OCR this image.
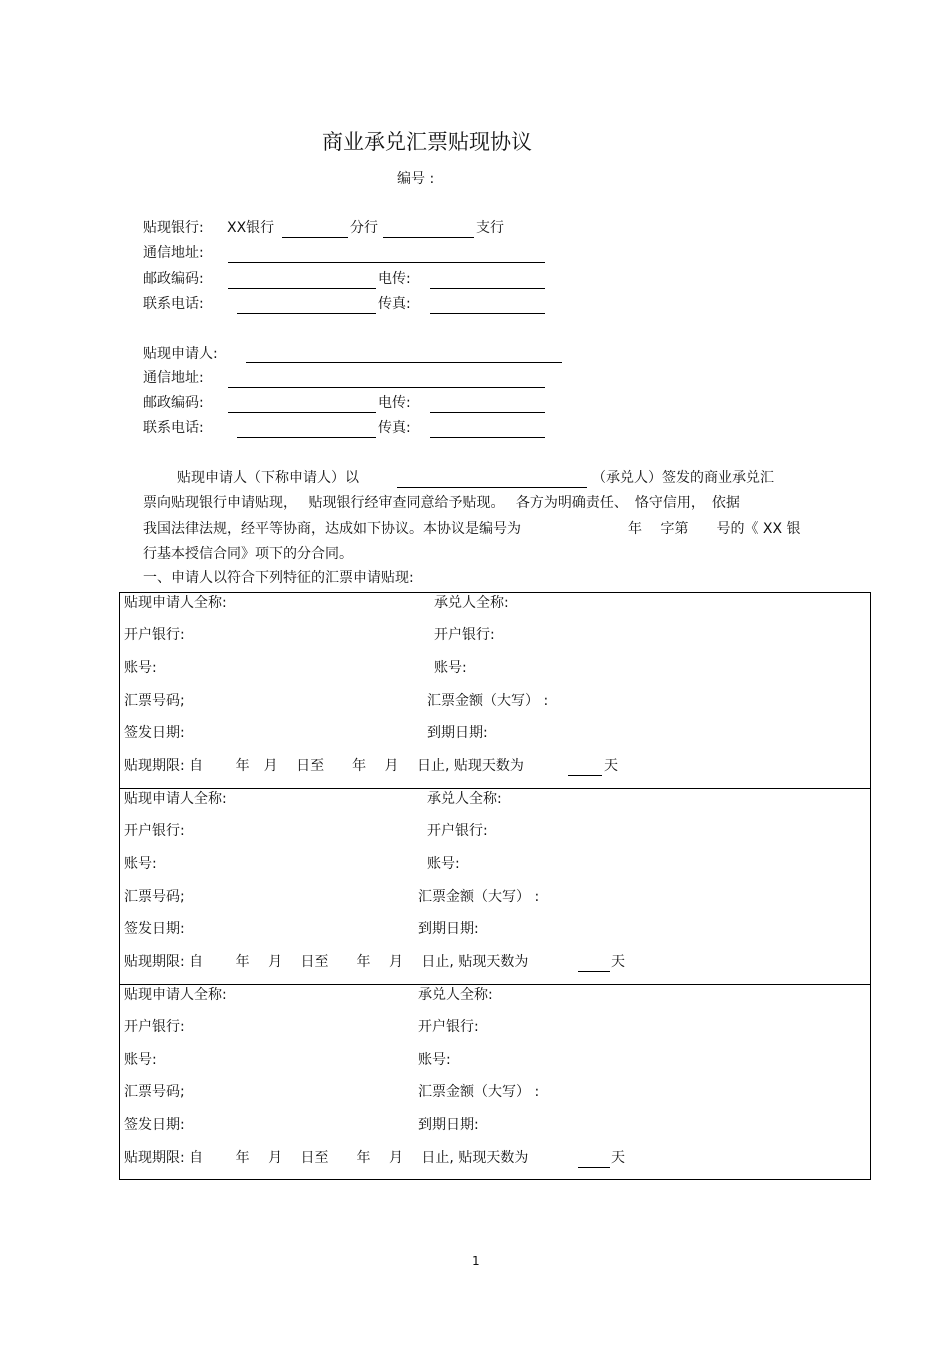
商业承兑汇票贴现协议
编号 :
贴现银行: XX银行	分行	支行
通信地址:
邮政编码:	电传:
联系电话:	传真:
贴现申请人:
通信地址:
邮政编码:	电传:
联系电话:	传真:
贴现申请人（下称申请人）以	（承兑人）签发的商业承兑汇
票向贴现银行申请贴现，　 贴现银行经审查同意给予贴现。　 各方为明确责任、　恪守信用，　依据
我国法律法规，经平等协商，达成如下协议。本协议是编号为	年　 字第　　号的《 XX 银
行基本授信合同》项下的分合同。
一、申请人以符合下列特征的汇票申请贴现:
贴现申请人全称:	承兑人全称:
开户银行:	开户银行:
账号:	账号:
汇票号码;	汇票金额（大写） :
签发日期:	到期日期:
贴现期限: 自　　 年　月　 日至　　年　 月　 日止, 贴现天数为	天
贴现申请人全称:	承兑人全称:
开户银行:	开户银行:
账号:	账号:
汇票号码;	汇票金额（大写） :
签发日期:	到期日期:
贴现期限: 自　　 年　 月　 日至　　年　 月　 日止, 贴现天数为	天
贴现申请人全称:	承兑人全称:
开户银行:	开户银行:
账号:	账号:
汇票号码;	汇票金额（大写） :
签发日期:	到期日期:
贴现期限: 自　　 年　 月　 日至　　年　 月　 日止, 贴现天数为	天
1
